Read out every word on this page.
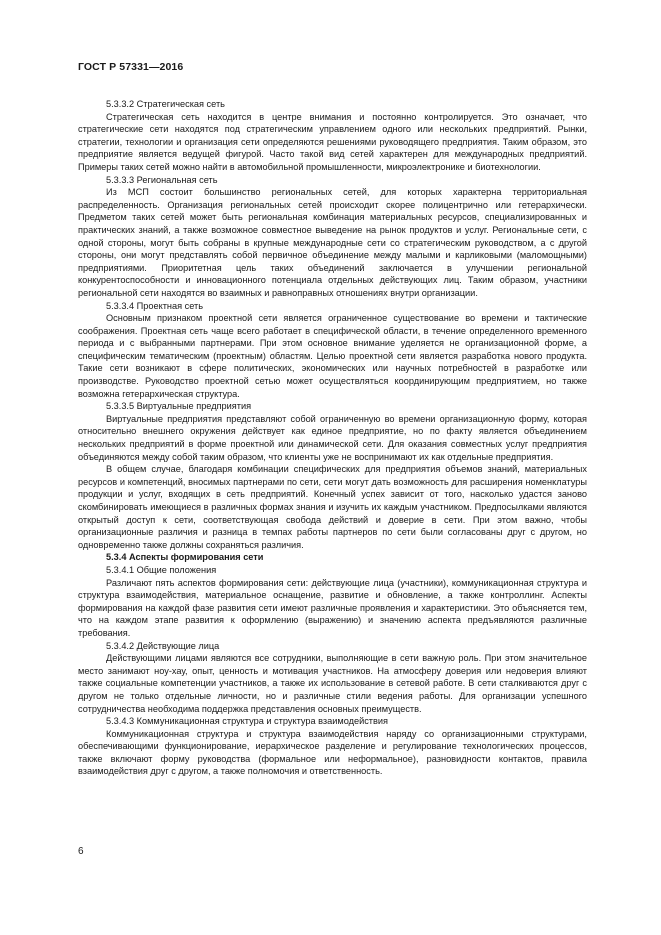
ГОСТ Р 57331—2016
5.3.3.2 Стратегическая сеть

Стратегическая сеть находится в центре внимания и постоянно контролируется. Это означает, что стратегические сети находятся под стратегическим управлением одного или нескольких предприятий. Рынки, стратегии, технологии и организация сети определяются решениями руководящего предприятия. Таким образом, это предприятие является ведущей фигурой. Часто такой вид сетей характерен для международных предприятий. Примеры таких сетей можно найти в автомобильной промышленности, микроэлектронике и биотехнологии.

5.3.3.3 Региональная сеть

Из МСП состоит большинство региональных сетей, для которых характерна территориальная распределенность. Организация региональных сетей происходит скорее полицентрично или гетерархически. Предметом таких сетей может быть региональная комбинация материальных ресурсов, специализированных и практических знаний, а также возможное совместное выведение на рынок продуктов и услуг. Региональные сети, с одной стороны, могут быть собраны в крупные международные сети со стратегическим руководством, а с другой стороны, они могут представлять собой первичное объединение между малыми и карликовыми (маломощными) предприятиями. Приоритетная цель таких объединений заключается в улучшении региональной конкурентоспособности и инновационного потенциала отдельных действующих лиц. Таким образом, участники региональной сети находятся во взаимных и равноправных отношениях внутри организации.

5.3.3.4 Проектная сеть

Основным признаком проектной сети является ограниченное существование во времени и тактические соображения. Проектная сеть чаще всего работает в специфической области, в течение определенного временного периода и с выбранными партнерами. При этом основное внимание уделяется не организационной форме, а специфическим тематическим (проектным) областям. Целью проектной сети является разработка нового продукта. Такие сети возникают в сфере политических, экономических или научных потребностей в разработке или производстве. Руководство проектной сетью может осуществляться координирующим предприятием, но также возможна гетерархическая структура.

5.3.3.5 Виртуальные предприятия

Виртуальные предприятия представляют собой ограниченную во времени организационную форму, которая относительно внешнего окружения действует как единое предприятие, но по факту является объединением нескольких предприятий в форме проектной или динамической сети. Для оказания совместных услуг предприятия объединяются между собой таким образом, что клиенты уже не воспринимают их как отдельные предприятия.

В общем случае, благодаря комбинации специфических для предприятия объемов знаний, материальных ресурсов и компетенций, вносимых партнерами по сети, сети могут дать возможность для расширения номенклатуры продукции и услуг, входящих в сеть предприятий. Конечный успех зависит от того, насколько удастся заново скомбинировать имеющиеся в различных формах знания и изучить их каждым участником. Предпосылками являются открытый доступ к сети, соответствующая свобода действий и доверие в сети. При этом важно, чтобы организационные различия и разница в темпах работы партнеров по сети были согласованы друг с другом, но одновременно также должны сохраняться различия.

5.3.4 Аспекты формирования сети
5.3.4.1 Общие положения

Различают пять аспектов формирования сети: действующие лица (участники), коммуникационная структура и структура взаимодействия, материальное оснащение, развитие и обновление, а также контроллинг. Аспекты формирования на каждой фазе развития сети имеют различные проявления и характеристики. Это объясняется тем, что на каждом этапе развития к оформлению (выражению) и значению аспекта предъявляются различные требования.

5.3.4.2 Действующие лица

Действующими лицами являются все сотрудники, выполняющие в сети важную роль. При этом значительное место занимают ноу-хау, опыт, ценность и мотивация участников. На атмосферу доверия или недоверия влияют также социальные компетенции участников, а также их использование в сетевой работе. В сети сталкиваются друг с другом не только отдельные личности, но и различные стили ведения работы. Для организации успешного сотрудничества необходима поддержка представления основных преимуществ.

5.3.4.3 Коммуникационная структура и структура взаимодействия

Коммуникационная структура и структура взаимодействия наряду со организационными структурами, обеспечивающими функционирование, иерархическое разделение и регулирование технологических процессов, также включают форму руководства (формальное или неформальное), разновидности контактов, правила взаимодействия друг с другом, а также полномочия и ответственность.

6
